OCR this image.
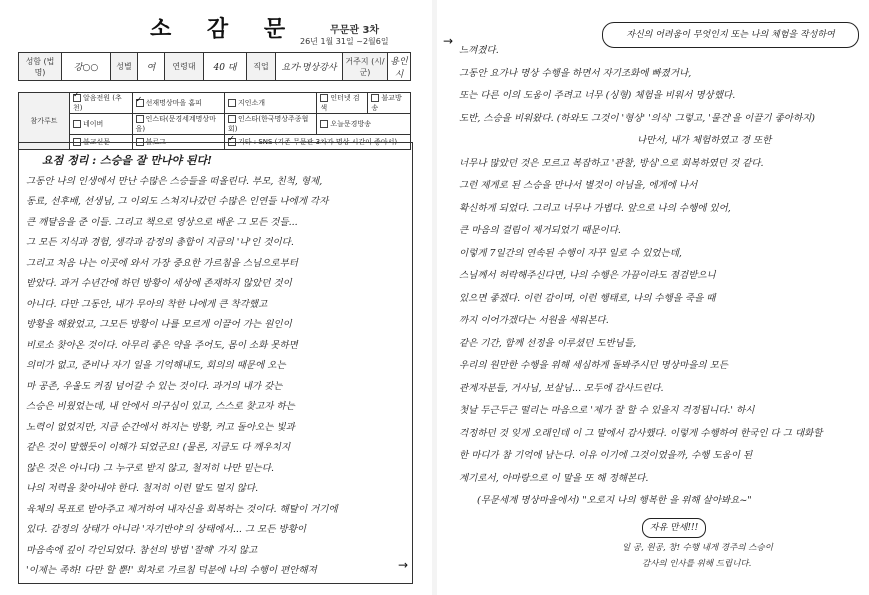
소 감 문	무문관 3차
26년 1월 31일 ~2월6일
성함 (법명)	강○○	성별	여	연령대	40 대	직업	요가·명상강사	거주지 (시/군)	용인시
참가루트	✓알음전원 (추천)	✓선재명상마을 홈피	지인소개	인터넷 검색	불교방송
	네이버	인스타(문경세계명상마을)	인스타(한국명상주종협회)	오늘문경방송	
	불교신문	블로그	✓기타 : SNS (기존 무문관 3차가 명상 시간이 좋아서)
요점 정리 : 스승을 잘 만나야 된다!
그동안 나의 인생에서 만난 수많은 스승들을 떠올린다. 부모, 친척, 형제,
동료, 선후배, 선생님, 그 이외도 스쳐지나갔던 수많은 인연들 나에게 각자
큰 깨달음을 준 이들. 그리고 책으로 영상으로 배운 그 모든 것들...
그 모든 지식과 경험, 생각과 감정의 총합이 지금의 '나'인 것이다.
그리고 처음 나는 이곳에 와서 가장 중요한 가르침을 스님으로부터
받았다. 과거 수년간에 하던 방황이 세상에 존재하지 않았던 것이
아니다. 다만 그동안, 내가 무아의 착한 나에게 큰 착각했고
방황을 해왔었고, 그모든 방황이 나를 모르게 이끌어 가는 원인이
비로소 찾아온 것이다. 아무리 좋은 약을 주어도, 몸이 소화 못하면
의미가 없고, 준비나 자기 일을 기억해내도, 회의의 때문에 오는
마 공존, 우울도 커짐 넘어갈 수 있는 것이다. 과거의 내가 갖는
스승은 비웠었는데, 내 안에서 의구심이 있고, 스스로 찾고자 하는
노력이 없었지만, 지금 순간에서 하지는 방황, 커고 돌아오는 빛과
같은 것이 말했듯이 이해가 되었군요! (물론, 지금도 다 깨우치지
않은 것은 아니다) 그 누구로 받지 않고, 철저히 나만 믿는다.
나의 저력을 찾아내야 한다. 철저히 이런 말도 멀지 않다.
육체의 목표로 받아주고 제거하여 내자신을 회복하는 것이다. 해탈이 거기에
있다. 감정의 상태가 아니라 '자기반야'의 상태에서... 그 모든 방황이
마음속에 깊이 각인되었다. 참선의 방법 '잘해' 가지 않고
'이제는 족하! 다만 할 뿐!' 회차로 가르침 덕분에 나의 수행이 편안해져	→
→	자신의 어려움이 무엇인지 또는 나의 체험을 작성하여
느껴졌다.
그동안 요가나 명상 수행을 하면서 자기조화에 빠졌거나,
또는 다른 이의 도움이 주려고 너무 (싱형) 체험을 비워서 명상했다.
도반, 스승을 비워왔다. (하와도 그것이 '형상' '의식' 그렇고, '물건'을 이끌기 좋아하지)
나만서, 내가 체험하였고 경 또한
너무나 많았던 것은 모르고 복잡하고 '관찰, 방심'으로 회복하였던 것 같다.
그런 제게로 된 스승을 만나서 별것이 아님을, 에게에 나서
확신하게 되었다. 그리고 너무나 가볍다. 앞으로 나의 수행에 있어,
큰 마음의 걸림이 제거되었기 때문이다.
이렇게 7일간의 연속된 수행이 자꾸 일로 수 있었는데,
스님께서 허락해주신다면, 나의 수행은 가끔이라도 점검받으니
있으면 좋겠다. 이런 감이며, 이런 행태로, 나의 수행을 죽을 때
까지 이어가겠다는 서원을 세워본다.
같은 기간, 함께 선정을 이루셨던 도반님들,
우리의 원만한 수행을 위해 세심하게 돌봐주시던 명상마을의 모든
관계자분들, 거사님, 보살님... 모두에 감사드린다.
첫날 두근두근 떨리는 마음으로 '제가 잘 할 수 있을지 걱정됩니다.' 하시
걱정하던 것 잊게 오래인데 이 그 말에서 감사했다. 이렇게 수행하여 한국인 다 그 대화할
한 마디가 참 기억에 남는다. 이유 이기에 그것이었을까, 수행 도움이 된
계기로서, 아마랑으로 이 말을 또 해 정해본다.
(무문세계 명상마을에서) "오로지 나의 행복한 을 위해 살아봐요~"
자유 만세!!!
일 공, 원공, 창! 수행 내게 경주의 스승이
감사의 인사를 위해 드립니다.
